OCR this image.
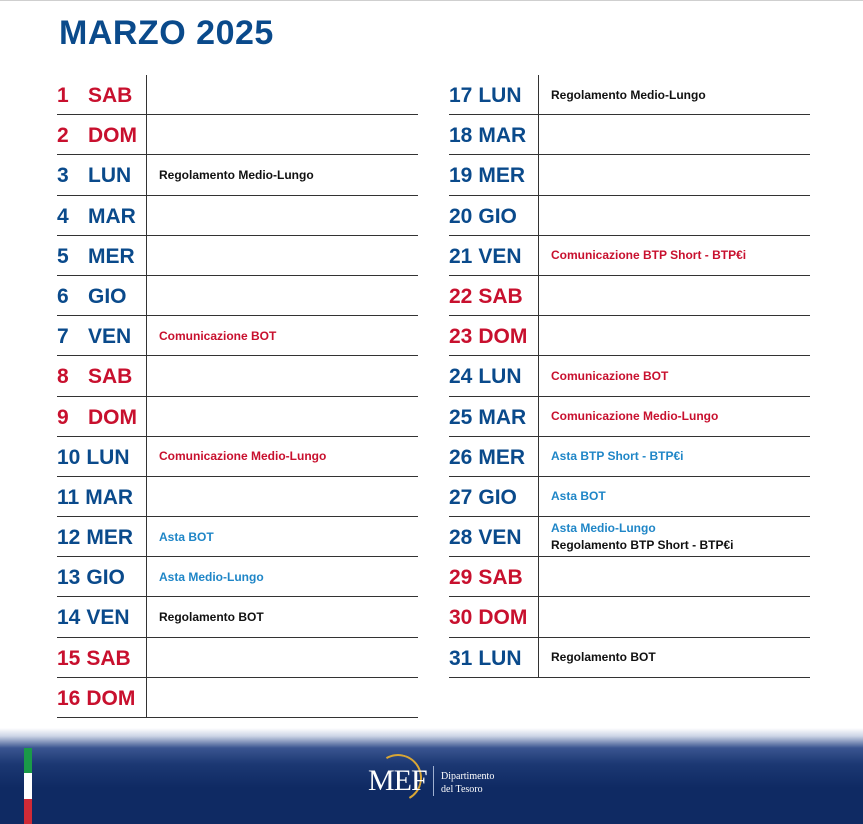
MARZO 2025
1 SAB
2 DOM
3 LUN Regolamento Medio-Lungo
4 MAR
5 MER
6 GIO
7 VEN Comunicazione BOT
8 SAB
9 DOM
10 LUN Comunicazione Medio-Lungo
11 MAR
12 MER Asta BOT
13 GIO	Asta Medio-Lungo
14 VEN Regolamento BOT
15 SAB
16 DOM
17 LUN Regolamento Medio-Lungo
18 MAR
19 MER
20 GIO
21 VEN Comunicazione BTP Short - BTP€i
22 SAB
23 DOM
24 LUN Comunicazione BOT
25 MAR Comunicazione Medio-Lungo
26 MER Asta BTP Short - BTP€i
27 GIO	Asta BOT
28 VEN Asta Medio-Lungo
Regolamento BTP Short - BTP€i
29 SAB
30 DOM
31 LUN Regolamento BOT
MEF Dipartimento
del Tesoro
